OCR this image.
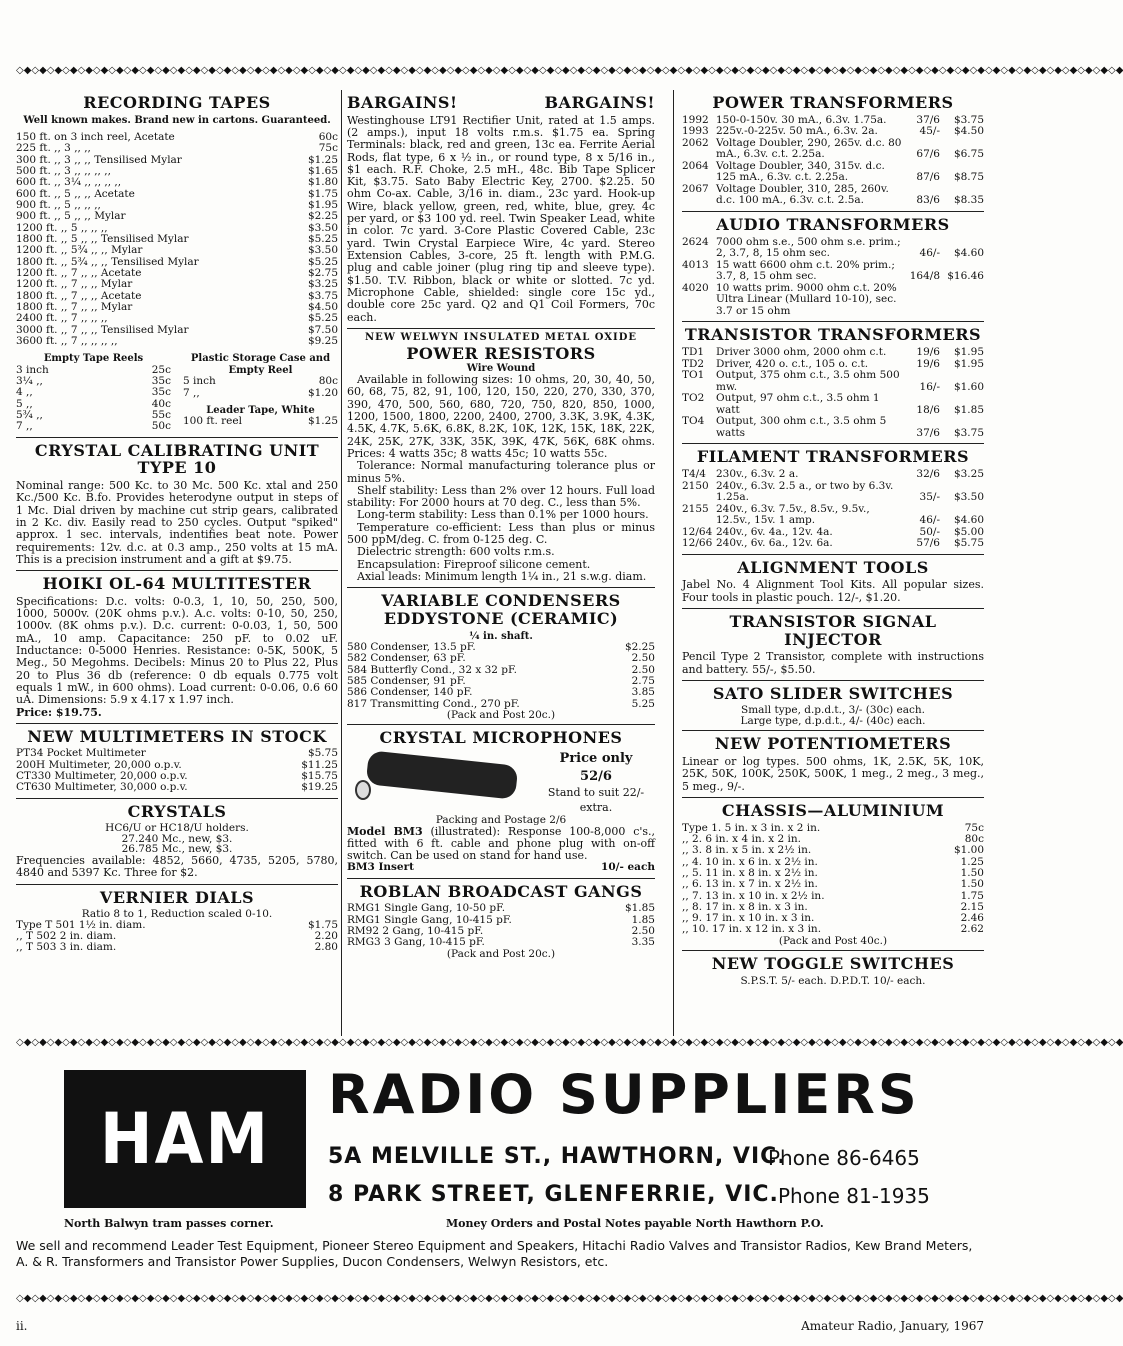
◇◆◇◆◇◆◇◆◇◆◇◆◇◆◇◆◇◆◇◆◇◆◇◆◇◆◇◆◇◆◇◆◇◆◇◆◇◆◇◆◇◆◇◆◇◆◇◆◇◆◇◆◇◆◇◆◇◆◇◆◇◆◇◆◇◆◇◆◇◆◇◆◇◆◇◆◇◆◇◆◇◆◇◆◇◆◇◆◇◆◇◆◇◆◇◆◇◆◇◆◇◆◇◆◇◆◇◆◇◆◇◆◇◆◇◆◇◆◇◆◇◆◇◆◇◆◇◆◇◆◇◆◇◆◇◆◇◆◇◆◇◆◇◆
RECORDING TAPES
Well known makes. Brand new in cartons. Guaranteed.
150 ft. on 3 inch reel, Acetate	60c
225 ft. ,, 3 ,, ,,	75c
300 ft. ,, 3 ,, ,, Tensilised Mylar	$1.25
500 ft. ,, 3 ,, ,, ,, ,,	$1.65
600 ft. ,, 3¼ ,, ,, ,, ,,	$1.80
600 ft. ,, 5 ,, ,, Acetate	$1.75
900 ft. ,, 5 ,, ,, ,,	$1.95
900 ft. ,, 5 ,, ,, Mylar	$2.25
1200 ft. ,, 5 ,, ,, ,,	$3.50
1800 ft. ,, 5 ,, ,, Tensilised Mylar	$5.25
1200 ft. ,, 5¾ ,, ,, Mylar	$3.50
1800 ft. ,, 5¾ ,, ,, Tensilised Mylar	$5.25
1200 ft. ,, 7 ,, ,, Acetate	$2.75
1200 ft. ,, 7 ,, ,, Mylar	$3.25
1800 ft. ,, 7 ,, ,, Acetate	$3.75
1800 ft. ,, 7 ,, ,, Mylar	$4.50
2400 ft. ,, 7 ,, ,, ,,	$5.25
3000 ft. ,, 7 ,, ,, Tensilised Mylar	$7.50
3600 ft. ,, 7 ,, ,, ,, ,,	$9.25
Empty Tape Reels
3 inch	25c
3¼ ,,	35c
4 ,,	35c
5 ,,	40c
5¾ ,,	55c
7 ,,	50c
Plastic Storage Case and Empty Reel
5 inch	80c
7 ,,	$1.20
Leader Tape, White
100 ft. reel	$1.25
CRYSTAL CALIBRATING UNIT
TYPE 10
Nominal range: 500 Kc. to 30 Mc. 500 Kc. xtal and 250 Kc./500 Kc. B.fo. Provides heterodyne output in steps of 1 Mc. Dial driven by machine cut strip gears, calibrated in 2 Kc. div. Easily read to 250 cycles. Output "spiked" approx. 1 sec. intervals, indentifies beat note. Power requirements: 12v. d.c. at 0.3 amp., 250 volts at 15 mA. This is a precision instrument and a gift at $9.75.
HOIKI OL-64 MULTITESTER
Specifications: D.c. volts: 0-0.3, 1, 10, 50, 250, 500, 1000, 5000v. (20K ohms p.v.). A.c. volts: 0-10, 50, 250, 1000v. (8K ohms p.v.). D.c. current: 0-0.03, 1, 50, 500 mA., 10 amp. Capacitance: 250 pF. to 0.02 uF. Inductance: 0-5000 Henries. Resistance: 0-5K, 500K, 5 Meg., 50 Megohms. Decibels: Minus 20 to Plus 22, Plus 20 to Plus 36 db (reference: 0 db equals 0.775 volt equals 1 mW., in 600 ohms). Load current: 0-0.06, 0.6 60 uA. Dimensions: 5.9 x 4.17 x 1.97 inch.
Price: $19.75.
NEW MULTIMETERS IN STOCK
PT34 Pocket Multimeter	$5.75
200H Multimeter, 20,000 o.p.v.	$11.25
CT330 Multimeter, 20,000 o.p.v.	$15.75
CT630 Multimeter, 30,000 o.p.v.	$19.25
CRYSTALS
HC6/U or HC18/U holders.
27.240 Mc., new, $3.
26.785 Mc., new, $3.
Frequencies available: 4852, 5660, 4735, 5205, 5780, 4840 and 5397 Kc. Three for $2.
VERNIER DIALS
Ratio 8 to 1, Reduction scaled 0-10.
Type T 501 1½ in. diam.	$1.75
,, T 502 2 in. diam.	2.20
,, T 503 3 in. diam.	2.80
BARGAINS!	BARGAINS!
Westinghouse LT91 Rectifier Unit, rated at 1.5 amps. (2 amps.), input 18 volts r.m.s. $1.75 ea. Spring Terminals: black, red and green, 13c ea. Ferrite Aerial Rods, flat type, 6 x ½ in., or round type, 8 x 5/16 in., $1 each. R.F. Choke, 2.5 mH., 48c. Bib Tape Splicer Kit, $3.75. Sato Baby Electric Key, 2700. $2.25. 50 ohm Co-ax. Cable, 3/16 in. diam., 23c yard. Hook-up Wire, black yellow, green, red, white, blue, grey. 4c per yard, or $3 100 yd. reel. Twin Speaker Lead, white in color. 7c yard. 3-Core Plastic Covered Cable, 23c yard. Twin Crystal Earpiece Wire, 4c yard. Stereo Extension Cables, 3-core, 25 ft. length with P.M.G. plug and cable joiner (plug ring tip and sleeve type). $1.50. T.V. Ribbon, black or white or slotted. 7c yd. Microphone Cable, shielded: single core 15c yd., double core 25c yard. Q2 and Q1 Coil Formers, 70c each.
NEW WELWYN INSULATED METAL OXIDE
POWER RESISTORS
Wire Wound
Available in following sizes: 10 ohms, 20, 30, 40, 50, 60, 68, 75, 82, 91, 100, 120, 150, 220, 270, 330, 370, 390, 470, 500, 560, 680, 720, 750, 820, 850, 1000, 1200, 1500, 1800, 2200, 2400, 2700, 3.3K, 3.9K, 4.3K, 4.5K, 4.7K, 5.6K, 6.8K, 8.2K, 10K, 12K, 15K, 18K, 22K, 24K, 25K, 27K, 33K, 35K, 39K, 47K, 56K, 68K ohms. Prices: 4 watts 35c; 8 watts 45c; 10 watts 55c.
Tolerance: Normal manufacturing tolerance plus or minus 5%.
Shelf stability: Less than 2% over 12 hours. Full load stability: For 2000 hours at 70 deg. C., less than 5%.
Long-term stability: Less than 0.1% per 1000 hours.
Temperature co-efficient: Less than plus or minus 500 ppM/deg. C. from 0-125 deg. C.
Dielectric strength: 600 volts r.m.s.
Encapsulation: Fireproof silicone cement.
Axial leads: Minimum length 1¼ in., 21 s.w.g. diam.
VARIABLE CONDENSERS
EDDYSTONE (CERAMIC)
¼ in. shaft.
580 Condenser, 13.5 pF.	$2.25
582 Condenser, 63 pF.	2.50
584 Butterfly Cond., 32 x 32 pF.	2.50
585 Condenser, 91 pF.	2.75
586 Condenser, 140 pF.	3.85
817 Transmitting Cond., 270 pF.	5.25
(Pack and Post 20c.)
CRYSTAL MICROPHONES
Price only
52/6
Stand to suit 22/- extra.
Packing and Postage 2/6
Model BM3 (illustrated): Response 100-8,000 c's., fitted with 6 ft. cable and phone plug with on-off switch. Can be used on stand for hand use.
BM3 Insert	10/- each
ROBLAN BROADCAST GANGS
RMG1 Single Gang, 10-50 pF.	$1.85
RMG1 Single Gang, 10-415 pF.	1.85
RM92 2 Gang, 10-415 pF.	2.50
RMG3 3 Gang, 10-415 pF.	3.35
(Pack and Post 20c.)
POWER TRANSFORMERS
1992 150-0-150v. 30 mA., 6.3v. 1.75a.	37/6	$3.75
1993 225v.-0-225v. 50 mA., 6.3v. 2a.	45/-	$4.50
2062 Voltage Doubler, 290, 265v. d.c. 80 mA., 6.3v. c.t. 2.25a.	67/6	$6.75
2064 Voltage Doubler, 340, 315v. d.c. 125 mA., 6.3v. c.t. 2.25a.	87/6	$8.75
2067 Voltage Doubler, 310, 285, 260v. d.c. 100 mA., 6.3v. c.t. 2.5a.	83/6	$8.35
AUDIO TRANSFORMERS
2624 7000 ohm s.e., 500 ohm s.e. prim.; 2, 3.7, 8, 15 ohm sec.	46/-	$4.60
4013 15 watt 6600 ohm c.t. 20% prim.; 3.7, 8, 15 ohm sec.	164/8 $16.46
4020 10 watts prim. 9000 ohm c.t. 20% Ultra Linear (Mullard 10-10), sec. 3.7 or 15 ohm
TRANSISTOR TRANSFORMERS
TD1	Driver 3000 ohm, 2000 ohm c.t.	19/6	$1.95
TD2	Driver, 420 o. c.t., 105 o. c.t.	19/6	$1.95
TO1	Output, 375 ohm c.t., 3.5 ohm 500 mw.	16/-	$1.60
TO2	Output, 97 ohm c.t., 3.5 ohm 1 watt	18/6	$1.85
TO4	Output, 300 ohm c.t., 3.5 ohm 5 watts	37/6	$3.75
FILAMENT TRANSFORMERS
T4/4 230v., 6.3v. 2 a.	32/6	$3.25
2150 240v., 6.3v. 2.5 a., or two by 6.3v. 1.25a.	35/-	$3.50
2155 240v., 6.3v. 7.5v., 8.5v., 9.5v., 12.5v., 15v. 1 amp.	46/-	$4.60
12/64 240v., 6v. 4a., 12v. 4a.	50/-	$5.00
12/66 240v., 6v. 6a., 12v. 6a.	57/6	$5.75
ALIGNMENT TOOLS
Jabel No. 4 Alignment Tool Kits. All popular sizes. Four tools in plastic pouch. 12/-, $1.20.
TRANSISTOR SIGNAL
INJECTOR
Pencil Type 2 Transistor, complete with instructions and battery. 55/-, $5.50.
SATO SLIDER SWITCHES
Small type, d.p.d.t., 3/- (30c) each.
Large type, d.p.d.t., 4/- (40c) each.
NEW POTENTIOMETERS
Linear or log types. 500 ohms, 1K, 2.5K, 5K, 10K, 25K, 50K, 100K, 250K, 500K, 1 meg., 2 meg., 3 meg., 5 meg., 9/-.
CHASSIS—ALUMINIUM
Type 1. 5 in. x 3 in. x 2 in.	75c
,, 2. 6 in. x 4 in. x 2 in.	80c
,, 3. 8 in. x 5 in. x 2½ in.	$1.00
,, 4. 10 in. x 6 in. x 2½ in.	1.25
,, 5. 11 in. x 8 in. x 2½ in.	1.50
,, 6. 13 in. x 7 in. x 2½ in.	1.50
,, 7. 13 in. x 10 in. x 2½ in.	1.75
,, 8. 17 in. x 8 in. x 3 in.	2.15
,, 9. 17 in. x 10 in. x 3 in.	2.46
,, 10. 17 in. x 12 in. x 3 in.	2.62
(Pack and Post 40c.)
NEW TOGGLE SWITCHES
S.P.S.T. 5/- each. D.P.D.T. 10/- each.
◇◆◇◆◇◆◇◆◇◆◇◆◇◆◇◆◇◆◇◆◇◆◇◆◇◆◇◆◇◆◇◆◇◆◇◆◇◆◇◆◇◆◇◆◇◆◇◆◇◆◇◆◇◆◇◆◇◆◇◆◇◆◇◆◇◆◇◆◇◆◇◆◇◆◇◆◇◆◇◆◇◆◇◆◇◆◇◆◇◆◇◆◇◆◇◆◇◆◇◆◇◆◇◆◇◆◇◆◇◆◇◆◇◆◇◆◇◆◇◆◇◆◇◆◇◆◇◆◇◆◇◆◇◆◇◆◇◆◇◆◇◆◇◆
HAM
RADIO SUPPLIERS
5A MELVILLE ST., HAWTHORN, VIC.
Phone 86-6465
8 PARK STREET, GLENFERRIE, VIC. Phone 81-1935
North Balwyn tram passes corner.	Money Orders and Postal Notes payable North Hawthorn P.O.
We sell and recommend Leader Test Equipment, Pioneer Stereo Equipment and Speakers, Hitachi Radio Valves and Transistor Radios, Kew Brand Meters, A. & R. Transformers and Transistor Power Supplies, Ducon Condensers, Welwyn Resistors, etc.
◇◆◇◆◇◆◇◆◇◆◇◆◇◆◇◆◇◆◇◆◇◆◇◆◇◆◇◆◇◆◇◆◇◆◇◆◇◆◇◆◇◆◇◆◇◆◇◆◇◆◇◆◇◆◇◆◇◆◇◆◇◆◇◆◇◆◇◆◇◆◇◆◇◆◇◆◇◆◇◆◇◆◇◆◇◆◇◆◇◆◇◆◇◆◇◆◇◆◇◆◇◆◇◆◇◆◇◆◇◆◇◆◇◆◇◆◇◆◇◆◇◆◇◆◇◆◇◆◇◆◇◆◇◆◇◆◇◆◇◆◇◆◇◆
ii.	Amateur Radio, January, 1967
